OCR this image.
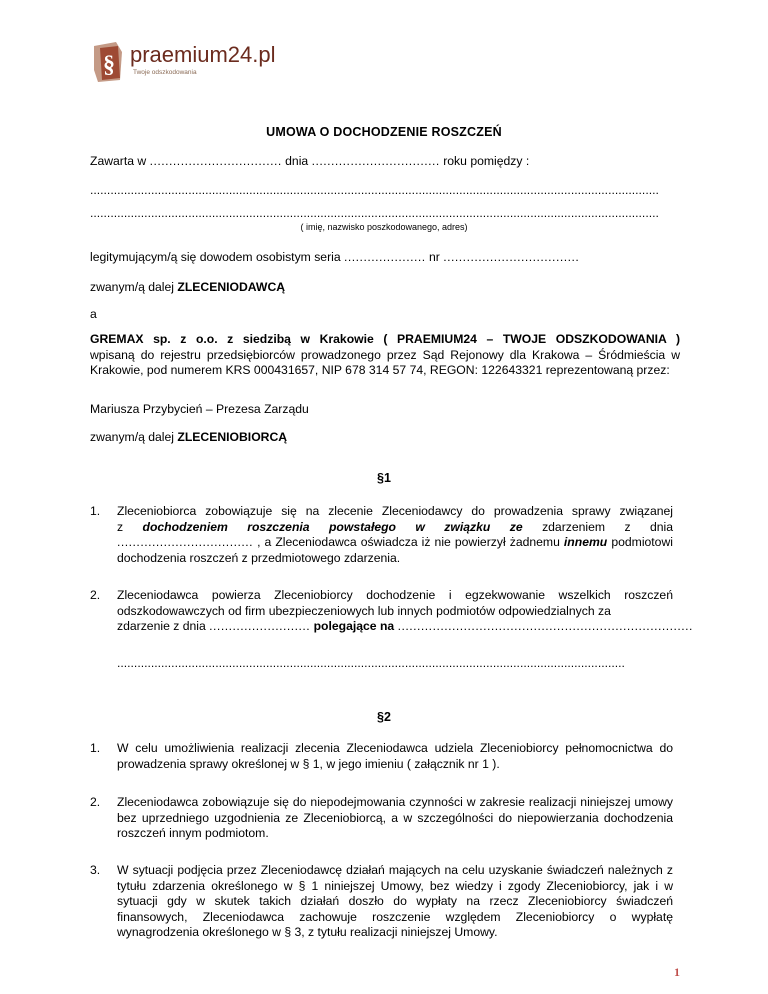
§ praemium24.pl
Twoje odszkodowania
UMOWA O DOCHODZENIE ROSZCZEŃ
Zawarta w .................................. dnia ................................. roku pomiędzy :
........................................................................................................................................................................
........................................................................................................................................................................
( imię, nazwisko poszkodowanego, adres)
legitymującym/ą się dowodem osobistym seria ..................... nr ...................................
zwanym/ą dalej ZLECENIODAWCĄ
a
GREMAX sp. z o.o. z siedzibą w Krakowie ( PRAEMIUM24 – TWOJE ODSZKODOWANIA )
wpisaną do rejestru przedsiębiorców prowadzonego przez Sąd Rejonowy dla Krakowa – Śródmieścia w Krakowie, pod numerem KRS 000431657, NIP 678 314 57 74, REGON: 122643321 reprezentowaną przez:
Mariusza Przybycień – Prezesa Zarządu
zwanym/ą dalej ZLECENIOBIORCĄ
§1
1.	Zleceniobiorca zobowiązuje się na zlecenie Zleceniodawcy do prowadzenia sprawy związanej
z dochodzeniem roszczenia powstałego w związku ze zdarzeniem z dnia
................................... , a Zleceniodawca oświadcza iż nie powierzył żadnemu innemu podmiotowi
dochodzenia roszczeń z przedmiotowego zdarzenia.
2.	Zleceniodawca powierza Zleceniobiorcy dochodzenie i egzekwowanie wszelkich roszczeń odszkodowawczych od firm ubezpieczeniowych lub innych podmiotów odpowiedzialnych za
zdarzenie z dnia .......................... polegające na ............................................................................
......................................................................................................................................................
§2
1.	W celu umożliwienia realizacji zlecenia Zleceniodawca udziela Zleceniobiorcy pełnomocnictwa do prowadzenia sprawy określonej w § 1, w jego imieniu ( załącznik nr 1 ).
2.	Zleceniodawca zobowiązuje się do niepodejmowania czynności w zakresie realizacji niniejszej umowy bez uprzedniego uzgodnienia ze Zleceniobiorcą, a w szczególności do niepowierzania dochodzenia roszczeń innym podmiotom.
3.	W sytuacji podjęcia przez Zleceniodawcę działań mających na celu uzyskanie świadczeń należnych z tytułu zdarzenia określonego w § 1 niniejszej Umowy, bez wiedzy i zgody Zleceniobiorcy, jak i w sytuacji gdy w skutek takich działań doszło do wypłaty na rzecz Zleceniobiorcy świadczeń finansowych, Zleceniodawca zachowuje roszczenie względem Zleceniobiorcy o wypłatę wynagrodzenia określonego w § 3, z tytułu realizacji niniejszej Umowy.
1
